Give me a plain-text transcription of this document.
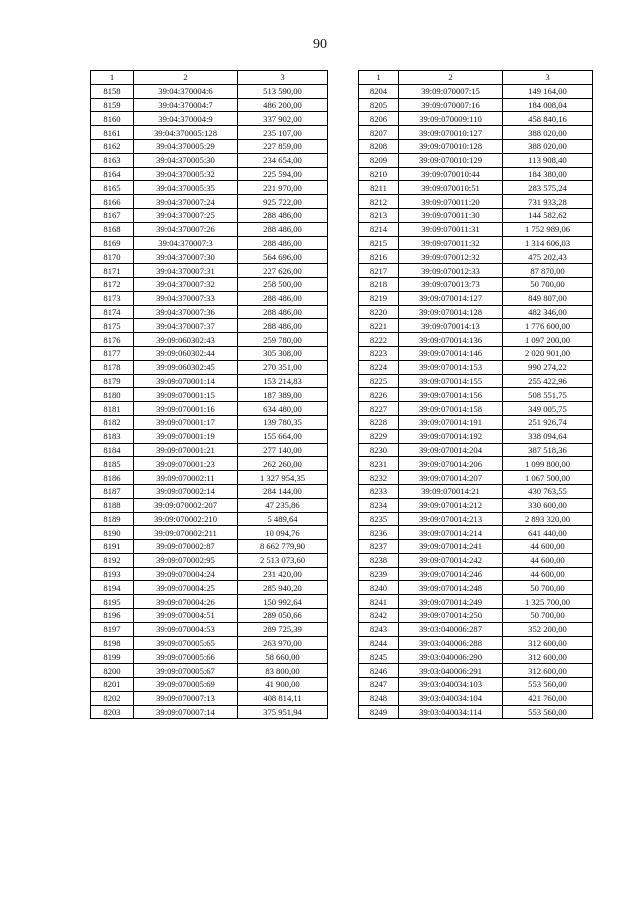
90
1	2	3
8158	39:04:370004:6	513 590,00
8159	39:04:370004:7	486 200,00
8160	39:04:370004:9	337 902,00
8161	39:04:370005:128	235 107,00
8162	39:04:370005:29	227 859,00
8163	39:04:370005:30	234 654,00
8164	39:04:370005:32	225 594,00
8165	39:04:370005:35	221 970,00
8166	39:04:370007:24	925 722,00
8167	39:04:370007:25	288 486,00
8168	39:04:370007:26	288 486,00
8169	39:04:370007:3	288 486,00
8170	39:04:370007:30	564 696,00
8171	39:04:370007:31	227 626,00
8172	39:04:370007:32	258 500,00
8173	39:04:370007:33	288 486,00
8174	39:04:370007:36	288 486,00
8175	39:04:370007:37	288 486,00
8176	39:09:060302:43	259 780,00
8177	39:09:060302:44	305 308,00
8178	39:09:060302:45	270 351,00
8179	39:09:070001:14	153 214,83
8180	39:09:070001:15	187 389,00
8181	39:09:070001:16	634 480,00
8182	39:09:070001:17	139 780,35
8183	39:09:070001:19	155 664,00
8184	39:09:070001:21	277 140,00
8185	39:09:070001:23	262 260,00
8186	39:09:070002:11	1 327 954,35
8187	39:09:070002:14	284 144,00
8188	39:09:070002:207	47 235,86
8189	39:09:070002:210	5 489,64
8190	39:09:070002:211	10 094,76
8191	39:09:070002:87	8 662 779,90
8192	39:09:070002:95	2 513 073,60
8193	39:09:070004:24	231 420,00
8194	39:09:070004:25	285 940,20
8195	39:09:070004:26	150 992,64
8196	39:09:070004:51	289 050,66
8197	39:09:070004:53	289 725,39
8198	39:09:070005:65	263 970,00
8199	39:09:070005:66	58 660,00
8200	39:09:070005:67	83 800,00
8201	39:09:070005:69	41 900,00
8202	39:09:070007:13	408 814,11
8203	39:09:070007:14	375 951,94
1	2	3
8204	39:09:070007:15	149 164,00
8205	39:09:070007:16	184 008,04
8206	39:09:070009:110	458 840,16
8207	39:09:070010:127	388 020,00
8208	39:09:070010:128	388 020,00
8209	39:09:070010:129	113 908,40
8210	39:09:070010:44	184 380,00
8211	39:09:070010:51	283 575,24
8212	39:09:070011:20	731 933,28
8213	39:09:070011:30	144 582,62
8214	39:09:070011:31	1 752 989,06
8215	39:09:070011:32	1 314 606,03
8216	39:09:070012:32	475 202,43
8217	39:09:070012:33	87 870,00
8218	39:09:070013:73	50 700,00
8219	39:09:070014:127	849 807,00
8220	39:09:070014:128	482 346,00
8221	39:09:070014:13	1 776 600,00
8222	39:09:070014:136	1 097 200,00
8223	39:09:070014:146	2 020 901,00
8224	39:09:070014:153	990 274,22
8225	39:09:070014:155	255 422,96
8226	39:09:070014:156	508 551,75
8227	39:09:070014:158	349 005,75
8228	39:09:070014:191	251 926,74
8229	39:09:070014:192	338 094,64
8230	39:09:070014:204	387 518,36
8231	39:09:070014:206	1 099 800,00
8232	39:09:070014:207	1 067 500,00
8233	39:09:070014:21	430 763,55
8234	39:09:070014:212	330 600,00
8235	39:09:070014:213	2 893 320,00
8236	39:09:070014:214	641 440,00
8237	39:09:070014:241	44 600,00
8238	39:09:070014:242	44 600,00
8239	39:09:070014:246	44 600,00
8240	39:09:070014:248	50 700,00
8241	39:09:070014:249	1 325 700,00
8242	39:09:070014:250	50 700,00
8243	39:03:040006:287	352 200,00
8244	39:03:040006:288	312 600,00
8245	39:03:040006:290	312 600,00
8246	39:03:040006:291	312 600,00
8247	39:03:040034:103	553 560,00
8248	39:03:040034:104	421 760,00
8249	39:03:040034:114	553 560,00
